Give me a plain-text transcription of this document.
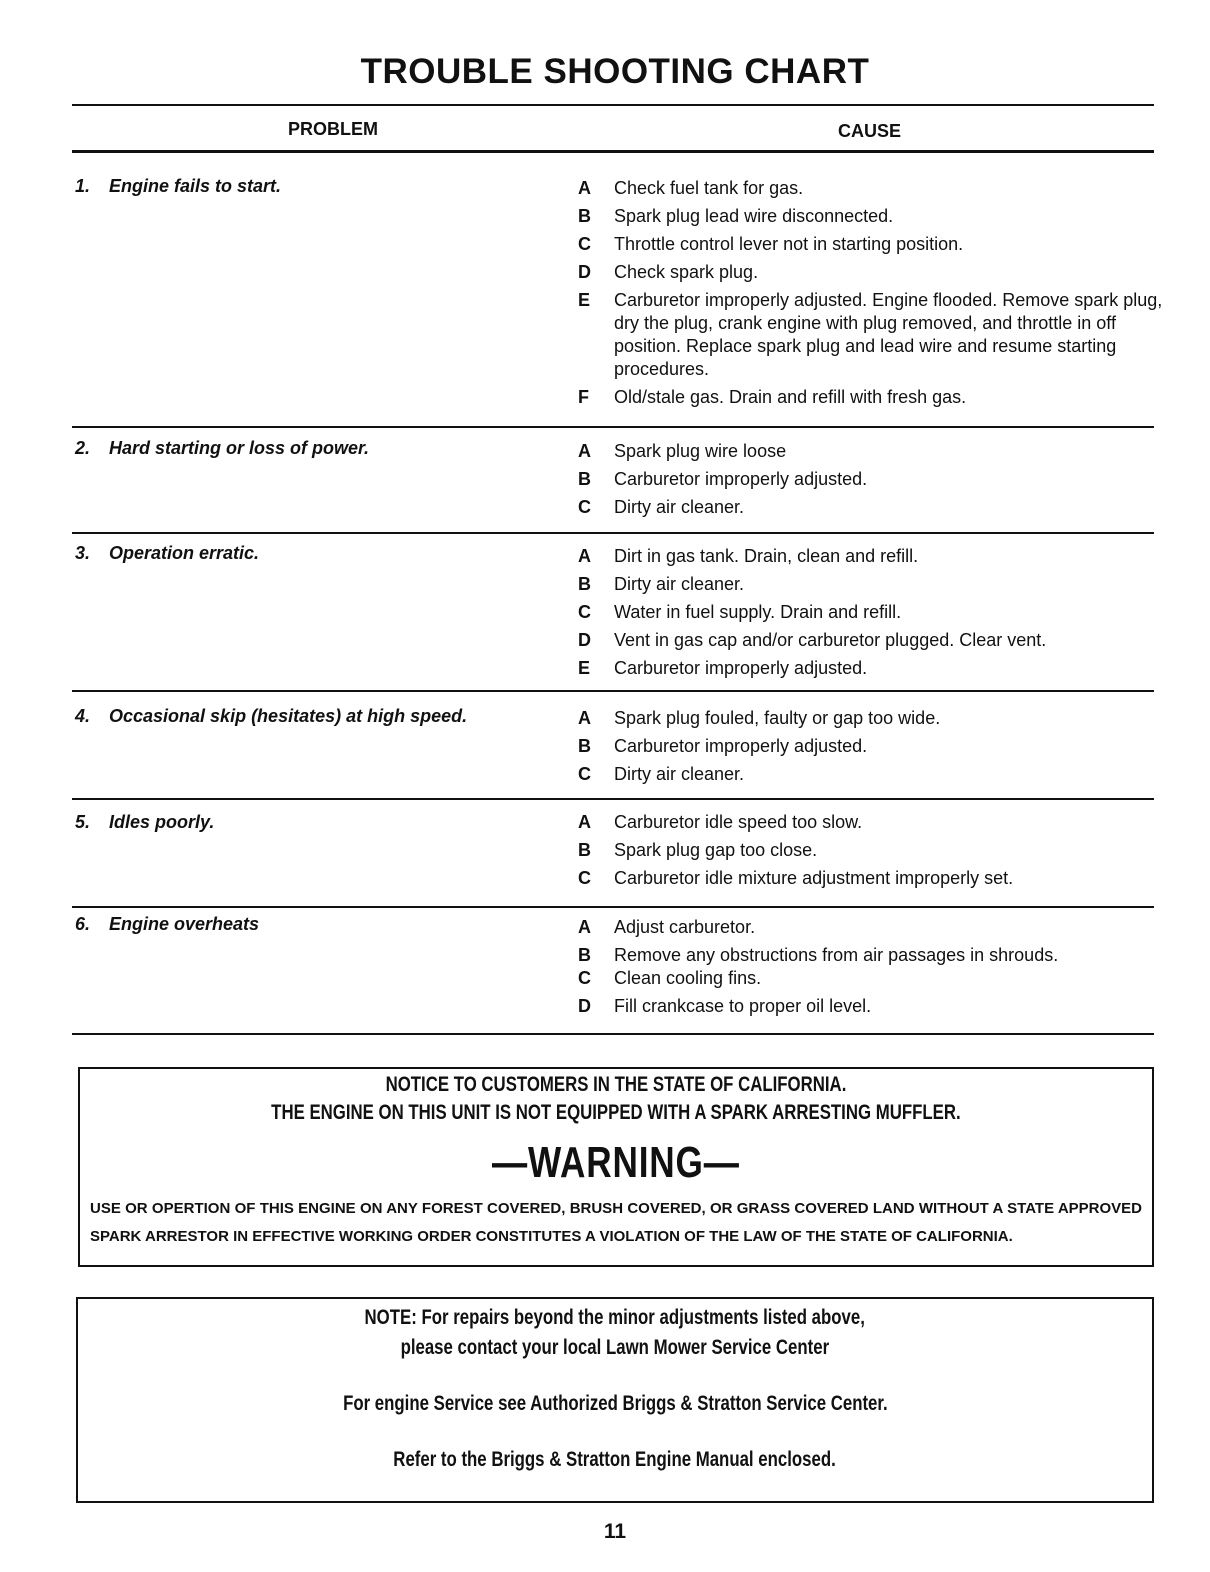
TROUBLE SHOOTING CHART
PROBLEM	CAUSE
1. Engine fails to start.	A	Check fuel tank for gas.
B	Spark plug lead wire disconnected.
C	Throttle control lever not in starting position.
D	Check spark plug.
E	Carburetor improperly adjusted. Engine flooded. Remove spark plug, dry the plug, crank engine with plug removed, and throttle in off position. Replace spark plug and lead wire and resume starting procedures.
F	Old/stale gas. Drain and refill with fresh gas.
2. Hard starting or loss of power.	A	Spark plug wire loose
B	Carburetor improperly adjusted.
C	Dirty air cleaner.
3. Operation erratic.	A	Dirt in gas tank. Drain, clean and refill.
B	Dirty air cleaner.
C	Water in fuel supply. Drain and refill.
D	Vent in gas cap and/or carburetor plugged. Clear vent.
E	Carburetor improperly adjusted.
4. Occasional skip (hesitates) at high speed.	A	Spark plug fouled, faulty or gap too wide.
B	Carburetor improperly adjusted.
C	Dirty air cleaner.
5. Idles poorly.	A	Carburetor idle speed too slow.
B	Spark plug gap too close.
C	Carburetor idle mixture adjustment improperly set.
6. Engine overheats	A	Adjust carburetor.
B	Remove any obstructions from air passages in shrouds.
C	Clean cooling fins.
D	Fill crankcase to proper oil level.
NOTICE TO CUSTOMERS IN THE STATE OF CALIFORNIA.
THE ENGINE ON THIS UNIT IS NOT EQUIPPED WITH A SPARK ARRESTING MUFFLER.
—WARNING—
USE OR OPERTION OF THIS ENGINE ON ANY FOREST COVERED, BRUSH COVERED, OR GRASS COVERED LAND WITHOUT A STATE APPROVED SPARK ARRESTOR IN EFFECTIVE WORKING ORDER CONSTITUTES A VIOLATION OF THE LAW OF THE STATE OF CALIFORNIA.
NOTE: For repairs beyond the minor adjustments listed above,
please contact your local Lawn Mower Service Center
For engine Service see Authorized Briggs & Stratton Service Center.
Refer to the Briggs & Stratton Engine Manual enclosed.
11
